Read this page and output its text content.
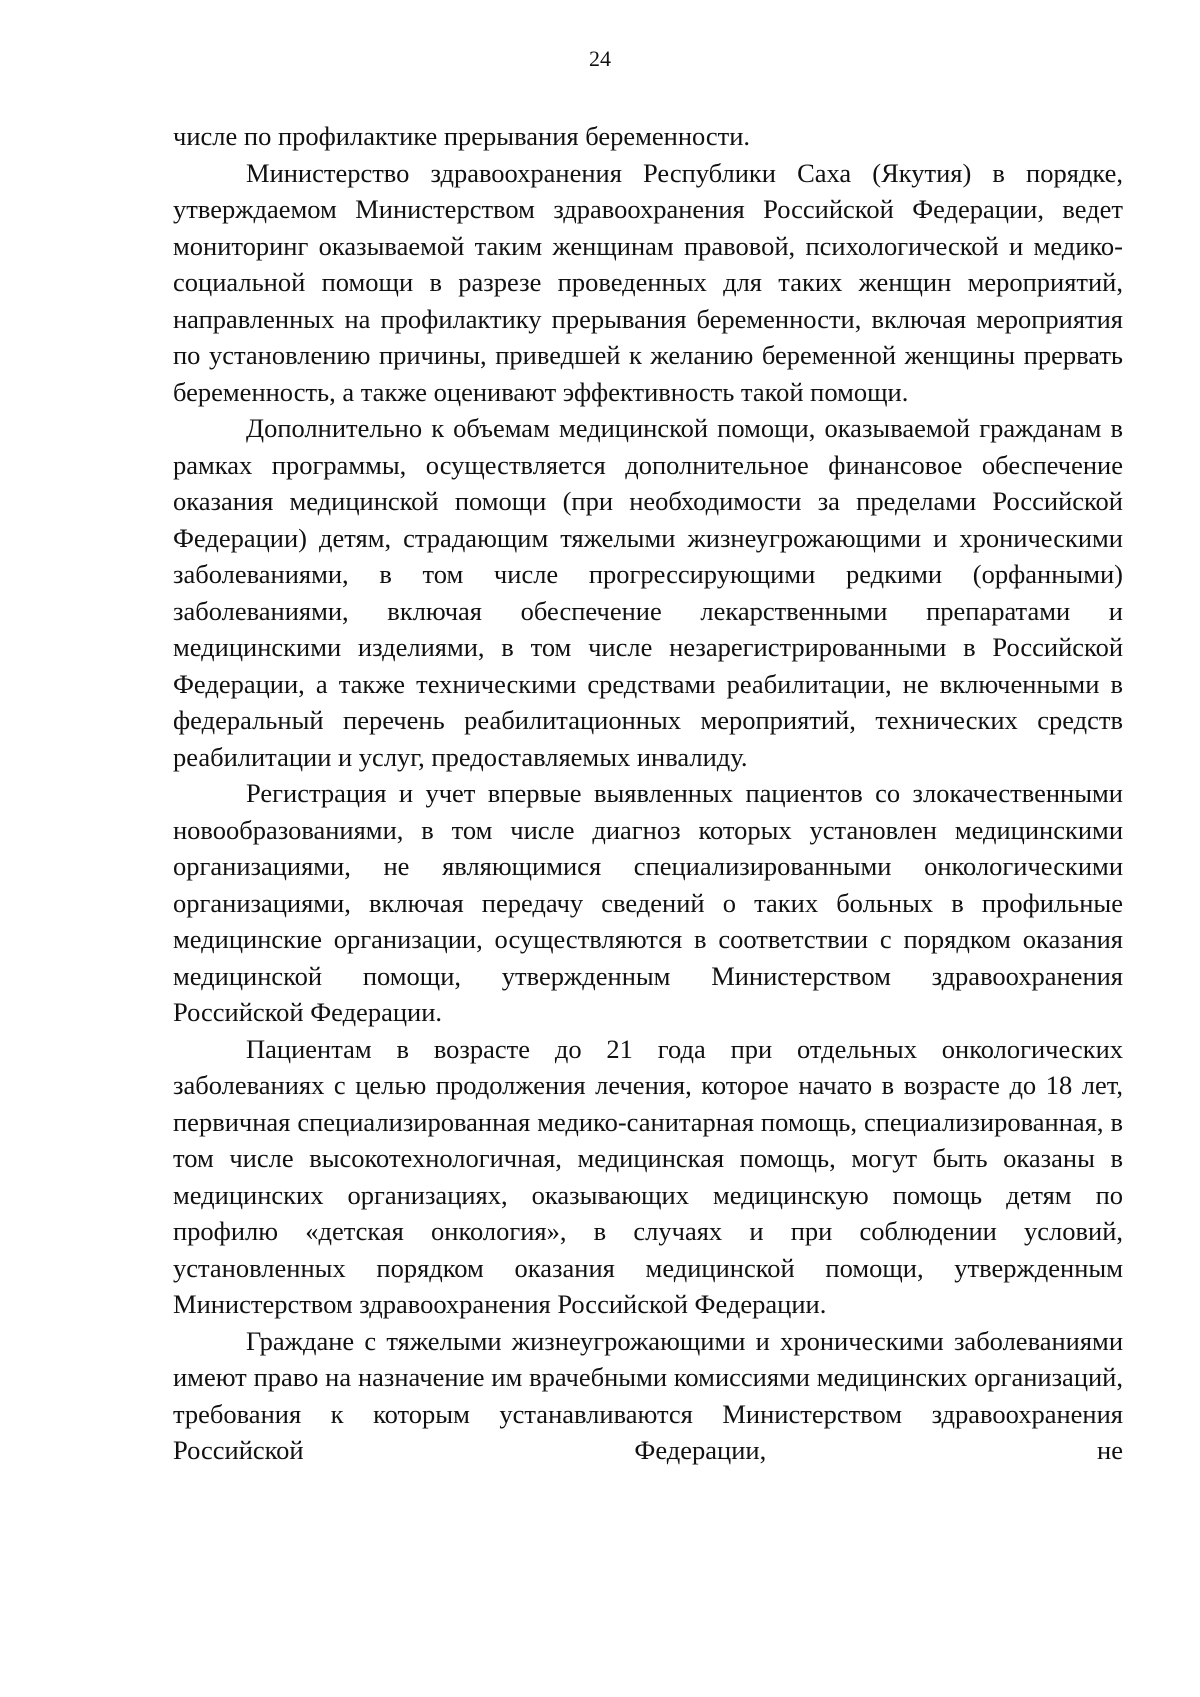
24

числе по профилактике прерывания беременности.

Министерство здравоохранения Республики Саха (Якутия) в порядке, утверждаемом Министерством здравоохранения Российской Федерации, ведет мониторинг оказываемой таким женщинам правовой, психологической и медико-социальной помощи в разрезе проведенных для таких женщин мероприятий, направленных на профилактику прерывания беременности, включая мероприятия по установлению причины, приведшей к желанию беременной женщины прервать беременность, а также оценивают эффективность такой помощи.

Дополнительно к объемам медицинской помощи, оказываемой гражданам в рамках программы, осуществляется дополнительное финансовое обеспечение оказания медицинской помощи (при необходимости за пределами Российской Федерации) детям, страдающим тяжелыми жизнеугрожающими и хроническими заболеваниями, в том числе прогрессирующими редкими (орфанными) заболеваниями, включая обеспечение лекарственными препаратами и медицинскими изделиями, в том числе незарегистрированными в Российской Федерации, а также техническими средствами реабилитации, не включенными в федеральный перечень реабилитационных мероприятий, технических средств реабилитации и услуг, предоставляемых инвалиду.

Регистрация и учет впервые выявленных пациентов со злокачественными новообразованиями, в том числе диагноз которых установлен медицинскими организациями, не являющимися специализированными онкологическими организациями, включая передачу сведений о таких больных в профильные медицинские организации, осуществляются в соответствии с порядком оказания медицинской помощи, утвержденным Министерством здравоохранения Российской Федерации.

Пациентам в возрасте до 21 года при отдельных онкологических заболеваниях с целью продолжения лечения, которое начато в возрасте до 18 лет, первичная специализированная медико-санитарная помощь, специализированная, в том числе высокотехнологичная, медицинская помощь, могут быть оказаны в медицинских организациях, оказывающих медицинскую помощь детям по профилю «детская онкология», в случаях и при соблюдении условий, установленных порядком оказания медицинской помощи, утвержденным Министерством здравоохранения Российской Федерации.

Граждане с тяжелыми жизнеугрожающими и хроническими заболеваниями имеют право на назначение им врачебными комиссиями медицинских организаций, требования к которым устанавливаются Министерством здравоохранения Российской Федерации, не
